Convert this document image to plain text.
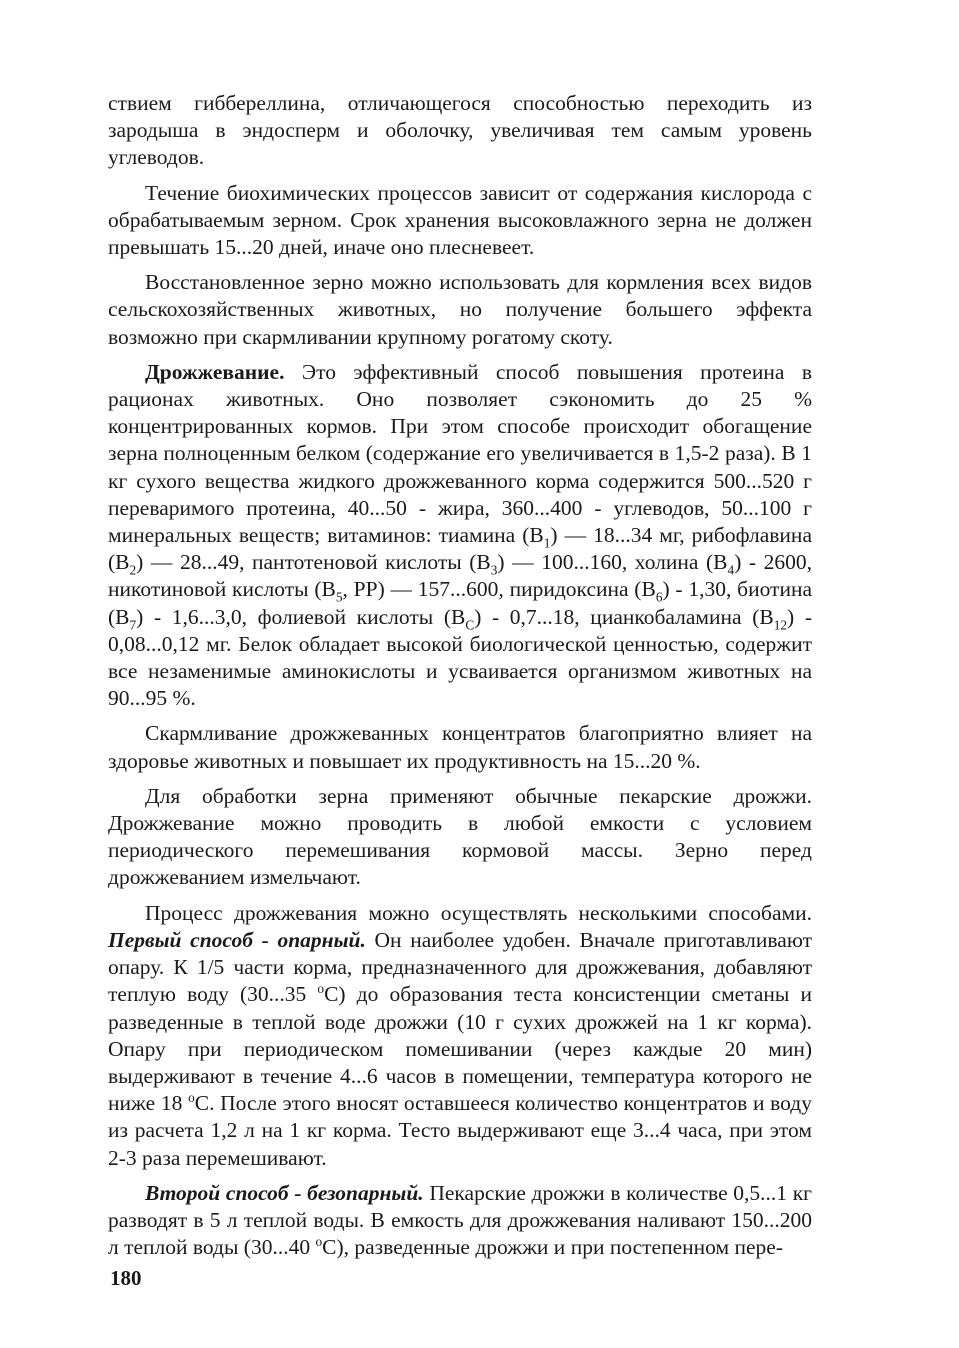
ствием гиббереллина, отличающегося способностью переходить из зародыша в эндосперм и оболочку, увеличивая тем самым уровень углеводов.

Течение биохимических процессов зависит от содержания кислорода с обрабатываемым зерном. Срок хранения высоковлажного зерна не должен превышать 15...20 дней, иначе оно плесневеет.

Восстановленное зерно можно использовать для кормления всех видов сельскохозяйственных животных, но получение большего эффекта возможно при скармливании крупному рогатому скоту.

Дрожжевание. Это эффективный способ повышения протеина в рационах животных. Оно позволяет сэкономить до 25 % концентрированных кормов. При этом способе происходит обогащение зерна полноценным белком (содержание его увеличивается в 1,5-2 раза). В 1 кг сухого вещества жидкого дрожжеванного корма содержится 500...520 г переваримого протеина, 40...50 - жира, 360...400 - углеводов, 50...100 г минеральных веществ; витаминов: тиамина $(В_1)$ — 18...34 мг, рибофлавина $(В_2)$ — 28...49, пантотеновой кислоты $(В_3)$ — 100...160, холина $(В_4) - 2600$, никотиновой кислоты ($В_5$, РР) — 157...600, пиридоксина $(В_6) - 1,30$, биотина $(В_7) - 1,6...3,0$, фолиевой кислоты $(В_С) - 0,7...18$, цианкобаламина $(В_{12}) - 0,08...0,12$ мг. Белок обладает высокой биологической ценностью, содержит все незаменимые аминокислоты и усваивается организмом животных на 90...95 %.

Скармливание дрожжеванных концентратов благоприятно влияет на здоровье животных и повышает их продуктивность на 15...20 %.

Для обработки зерна применяют обычные пекарские дрожжи. Дрожжевание можно проводить в любой емкости с условием периодического перемешивания кормовой массы. Зерно перед дрожжеванием измельчают.

Процесс дрожжевания можно осуществлять несколькими способами. Первый способ - опарный. Он наиболее удобен. Вначале приготавливают опару. К 1/5 части корма, предназначенного для дрожжевания, добавляют теплую воду (30...35 $^о$С) до образования теста консистенции сметаны и разведенные в теплой воде дрожжи (10 г сухих дрожжей на 1 кг корма). Опару при периодическом помешивании (через каждые 20 мин) выдерживают в течение 4...6 часов в помещении, температура которого не ниже 18 $^о$С. После этого вносят оставшееся количество концентратов и воду из расчета 1,2 л на 1 кг корма. Тесто выдерживают еще 3...4 часа, при этом 2-3 раза перемешивают.

Второй способ - безопарный. Пекарские дрожжи в количестве 0,5...1 кг разводят в 5 л теплой воды. В емкость для дрожжевания наливают 150...200 л теплой воды (30...40 $^о$С), разведенные дрожжи и при постепенном пере-

180
